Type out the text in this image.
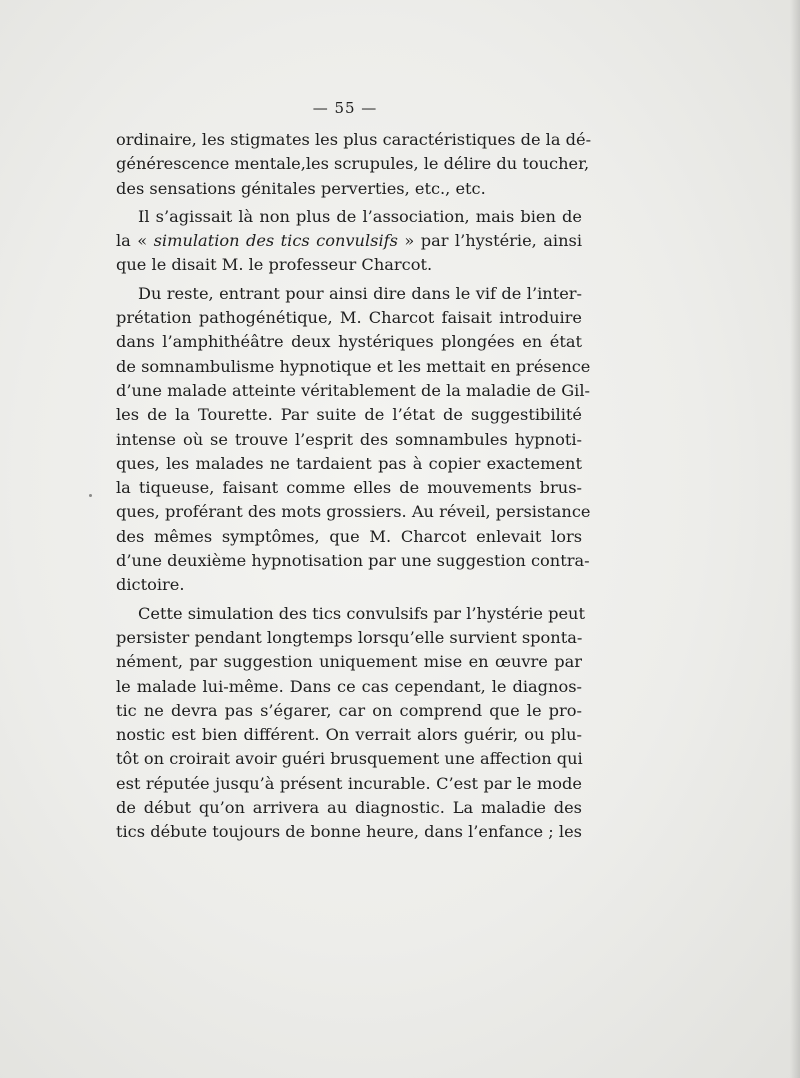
— 55 —
ordinaire, les stigmates les plus caractéristiques de la dé-
générescence mentale,les scrupules, le délire du toucher,
des sensations génitales perverties, etc., etc.
Il s’agissait là non plus de l’association, mais bien de
la « simulation des tics convulsifs » par l’hystérie, ainsi
que le disait M. le professeur Charcot.
Du reste, entrant pour ainsi dire dans le vif de l’inter-
prétation pathogénétique, M. Charcot faisait introduire
dans l’amphithéâtre deux hystériques plongées en état
de somnambulisme hypnotique et les mettait en présence
d’une malade atteinte véritablement de la maladie de Gil-
les de la Tourette. Par suite de l’état de suggestibilité
intense où se trouve l’esprit des somnambules hypnoti-
ques, les malades ne tardaient pas à copier exactement
la tiqueuse, faisant comme elles de mouvements brus-
ques, proférant des mots grossiers. Au réveil, persistance
des mêmes symptômes, que M. Charcot enlevait lors
d’une deuxième hypnotisation par une suggestion contra-
dictoire.
Cette simulation des tics convulsifs par l’hystérie peut
persister pendant longtemps lorsqu’elle survient sponta-
nément, par suggestion uniquement mise en œuvre par
le malade lui-même. Dans ce cas cependant, le diagnos-
tic ne devra pas s’égarer, car on comprend que le pro-
nostic est bien différent. On verrait alors guérir, ou plu-
tôt on croirait avoir guéri brusquement une affection qui
est réputée jusqu’à présent incurable. C’est par le mode
de début qu’on arrivera au diagnostic. La maladie des
tics débute toujours de bonne heure, dans l’enfance ; les
